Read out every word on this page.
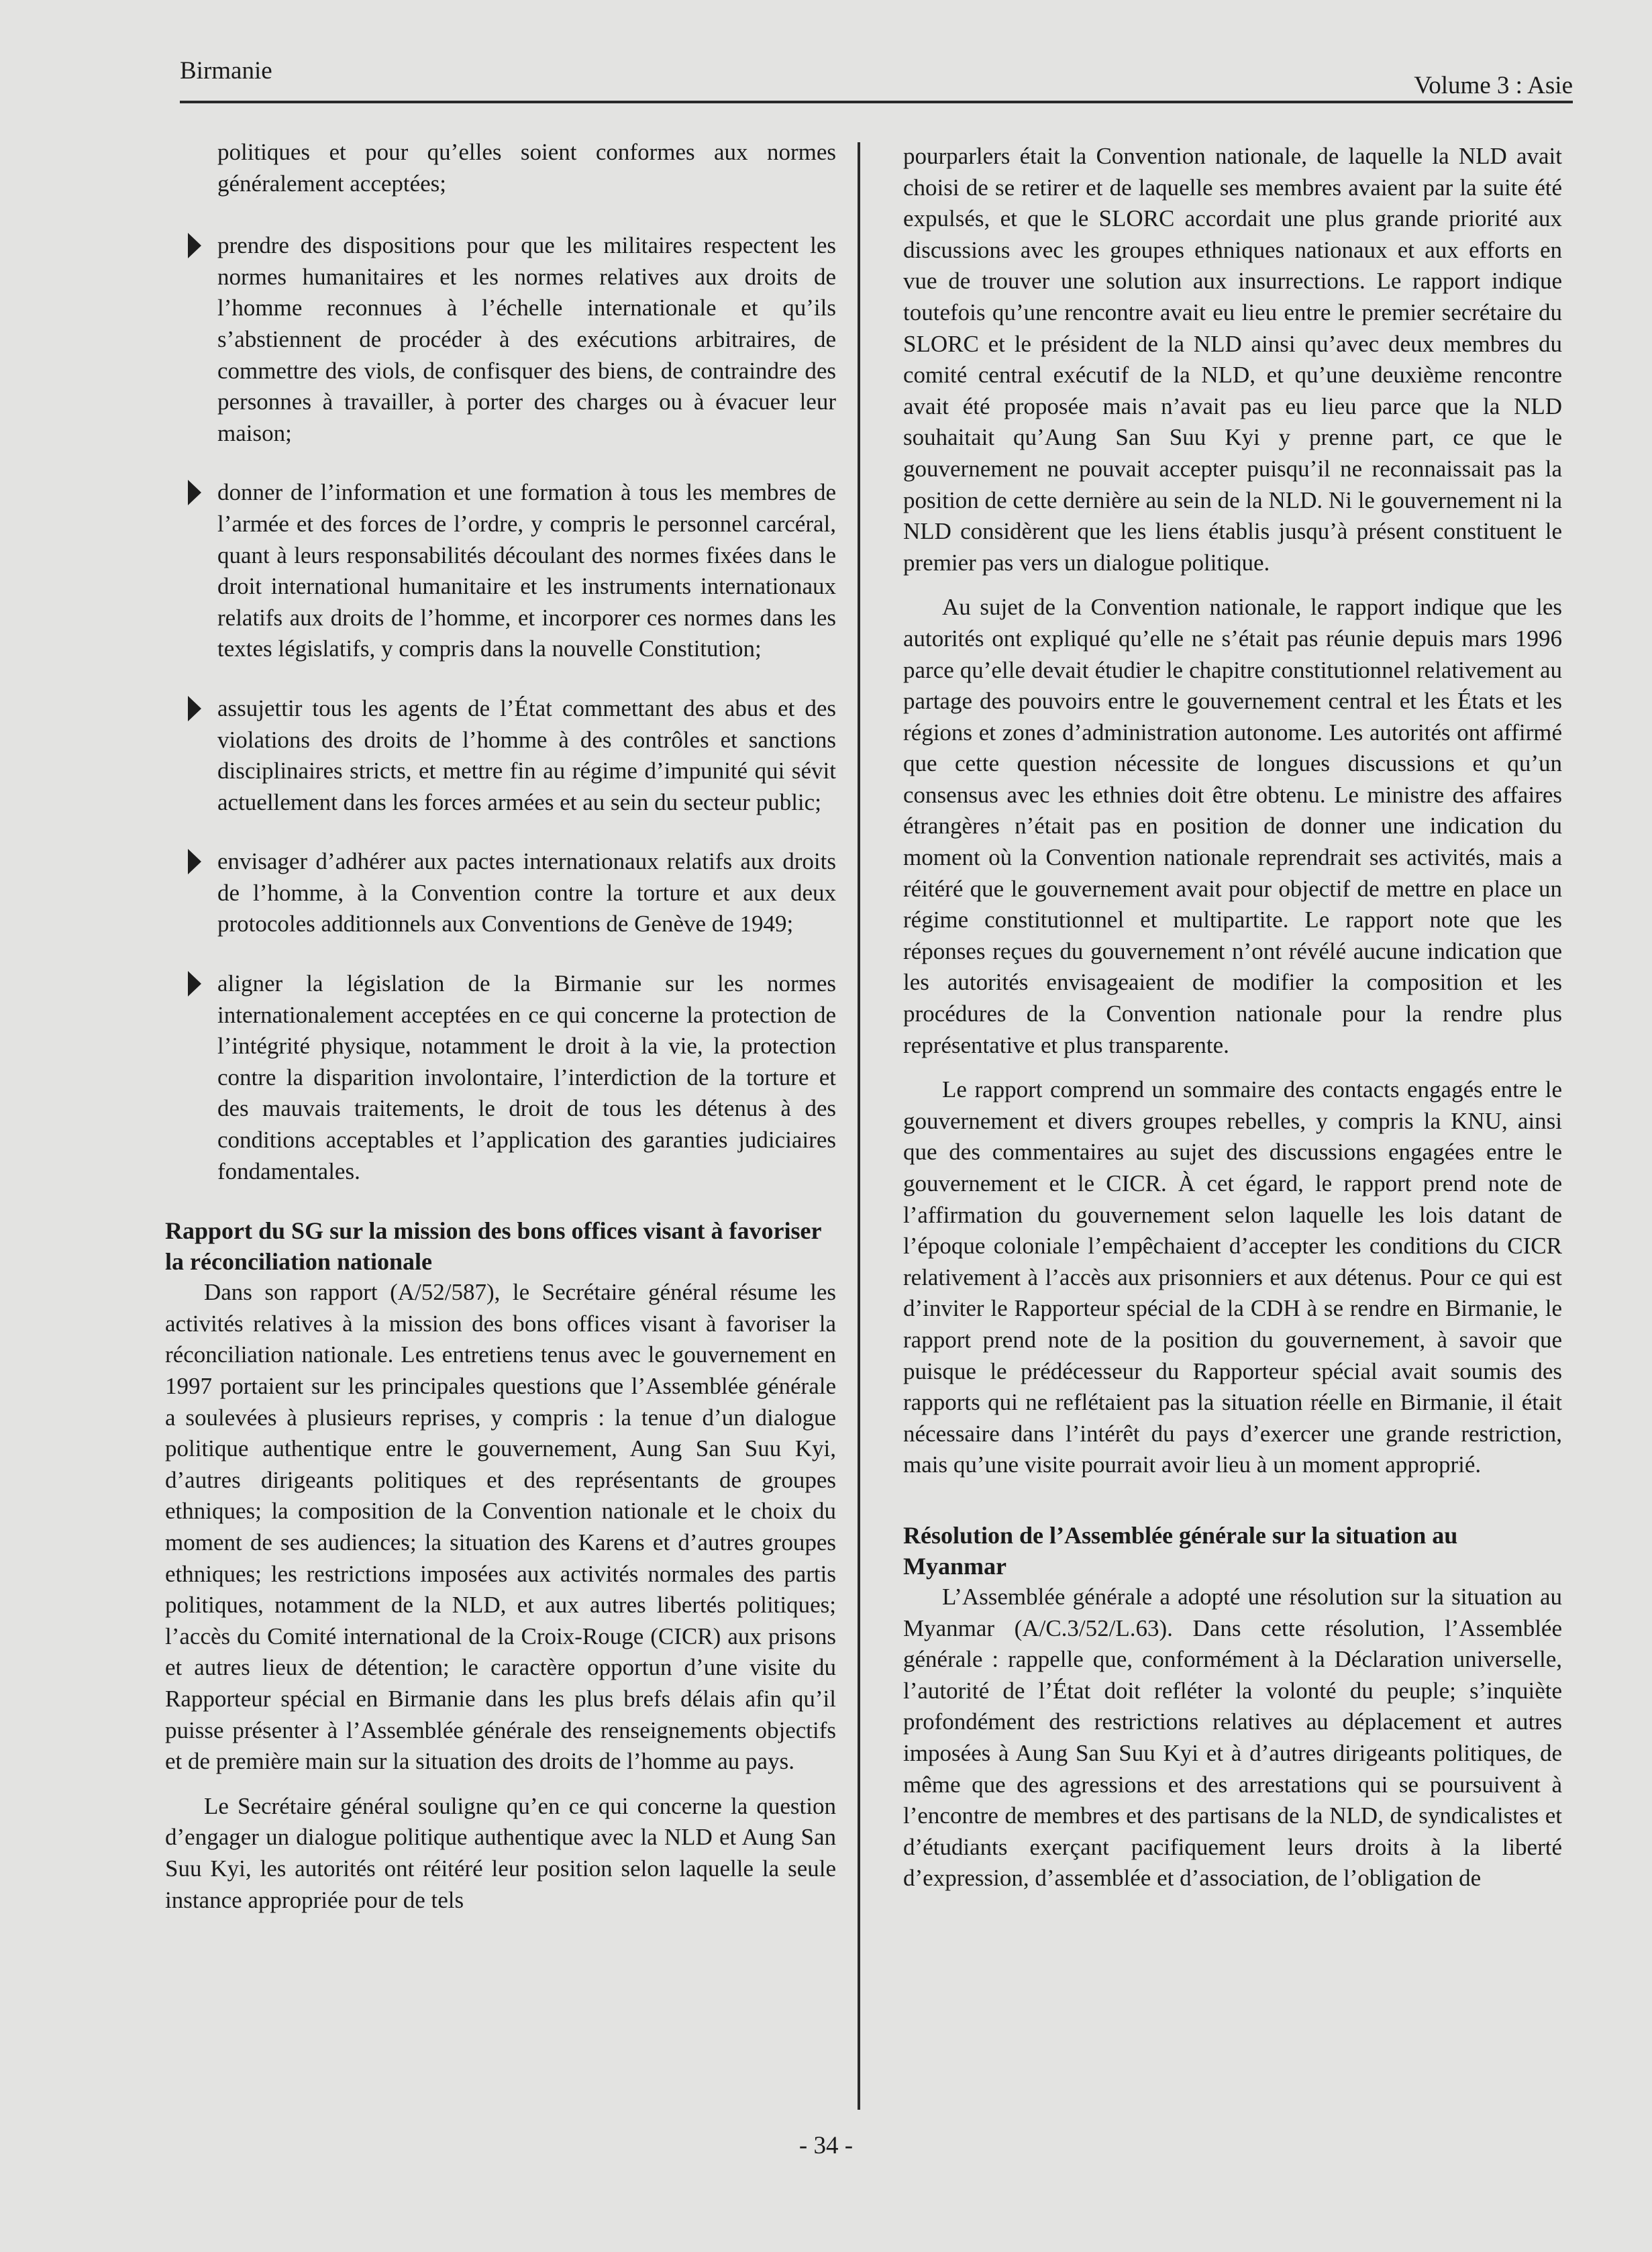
Birmanie
Volume 3 : Asie

politiques et pour qu’elles soient conformes aux normes généralement acceptées;

prendre des dispositions pour que les militaires respectent les normes humanitaires et les normes relatives aux droits de l’homme reconnues à l’échelle internationale et qu’ils s’abstiennent de procéder à des exécutions arbitraires, de commettre des viols, de confisquer des biens, de contraindre des personnes à travailler, à porter des charges ou à évacuer leur maison;
donner de l’information et une formation à tous les membres de l’armée et des forces de l’ordre, y compris le personnel carcéral, quant à leurs responsabilités découlant des normes fixées dans le droit international humanitaire et les instruments internationaux relatifs aux droits de l’homme, et incorporer ces normes dans les textes législatifs, y compris dans la nouvelle Constitution;
assujettir tous les agents de l’État commettant des abus et des violations des droits de l’homme à des contrôles et sanctions disciplinaires stricts, et mettre fin au régime d’impunité qui sévit actuellement dans les forces armées et au sein du secteur public;
envisager d’adhérer aux pactes internationaux relatifs aux droits de l’homme, à la Convention contre la torture et aux deux protocoles additionnels aux Conventions de Genève de 1949;
aligner la législation de la Birmanie sur les normes internationalement acceptées en ce qui concerne la protection de l’intégrité physique, notamment le droit à la vie, la protection contre la disparition involontaire, l’interdiction de la torture et des mauvais traitements, le droit de tous les détenus à des conditions acceptables et l’application des garanties judiciaires fondamentales.
Rapport du SG sur la mission des bons offices visant à favoriser la réconciliation nationale

Dans son rapport (A/52/587), le Secrétaire général résume les activités relatives à la mission des bons offices visant à favoriser la réconciliation nationale. Les entretiens tenus avec le gouvernement en 1997 portaient sur les principales questions que l’Assemblée générale a soulevées à plusieurs reprises, y compris : la tenue d’un dialogue politique authentique entre le gouvernement, Aung San Suu Kyi, d’autres dirigeants politiques et des représentants de groupes ethniques; la composition de la Convention nationale et le choix du moment de ses audiences; la situation des Karens et d’autres groupes ethniques; les restrictions imposées aux activités normales des partis politiques, notamment de la NLD, et aux autres libertés politiques; l’accès du Comité international de la Croix-Rouge (CICR) aux prisons et autres lieux de détention; le caractère opportun d’une visite du Rapporteur spécial en Birmanie dans les plus brefs délais afin qu’il puisse présenter à l’Assemblée générale des renseignements objectifs et de première main sur la situation des droits de l’homme au pays.

Le Secrétaire général souligne qu’en ce qui concerne la question d’engager un dialogue politique authentique avec la NLD et Aung San Suu Kyi, les autorités ont réitéré leur position selon laquelle la seule instance appropriée pour de tels

pourparlers était la Convention nationale, de laquelle la NLD avait choisi de se retirer et de laquelle ses membres avaient par la suite été expulsés, et que le SLORC accordait une plus grande priorité aux discussions avec les groupes ethniques nationaux et aux efforts en vue de trouver une solution aux insurrections. Le rapport indique toutefois qu’une rencontre avait eu lieu entre le premier secrétaire du SLORC et le président de la NLD ainsi qu’avec deux membres du comité central exécutif de la NLD, et qu’une deuxième rencontre avait été proposée mais n’avait pas eu lieu parce que la NLD souhaitait qu’Aung San Suu Kyi y prenne part, ce que le gouvernement ne pouvait accepter puisqu’il ne reconnaissait pas la position de cette dernière au sein de la NLD. Ni le gouvernement ni la NLD considèrent que les liens établis jusqu’à présent constituent le premier pas vers un dialogue politique.

Au sujet de la Convention nationale, le rapport indique que les autorités ont expliqué qu’elle ne s’était pas réunie depuis mars 1996 parce qu’elle devait étudier le chapitre constitutionnel relativement au partage des pouvoirs entre le gouvernement central et les États et les régions et zones d’administration autonome. Les autorités ont affirmé que cette question nécessite de longues discussions et qu’un consensus avec les ethnies doit être obtenu. Le ministre des affaires étrangères n’était pas en position de donner une indication du moment où la Convention nationale reprendrait ses activités, mais a réitéré que le gouvernement avait pour objectif de mettre en place un régime constitutionnel et multipartite. Le rapport note que les réponses reçues du gouvernement n’ont révélé aucune indication que les autorités envisageaient de modifier la composition et les procédures de la Convention nationale pour la rendre plus représentative et plus transparente.

Le rapport comprend un sommaire des contacts engagés entre le gouvernement et divers groupes rebelles, y compris la KNU, ainsi que des commentaires au sujet des discussions engagées entre le gouvernement et le CICR. À cet égard, le rapport prend note de l’affirmation du gouvernement selon laquelle les lois datant de l’époque coloniale l’empêchaient d’accepter les conditions du CICR relativement à l’accès aux prisonniers et aux détenus. Pour ce qui est d’inviter le Rapporteur spécial de la CDH à se rendre en Birmanie, le rapport prend note de la position du gouvernement, à savoir que puisque le prédécesseur du Rapporteur spécial avait soumis des rapports qui ne reflétaient pas la situation réelle en Birmanie, il était nécessaire dans l’intérêt du pays d’exercer une grande restriction, mais qu’une visite pourrait avoir lieu à un moment approprié.

Résolution de l’Assemblée générale sur la situation au Myanmar

L’Assemblée générale a adopté une résolution sur la situation au Myanmar (A/C.3/52/L.63). Dans cette résolution, l’Assemblée générale : rappelle que, conformément à la Déclaration universelle, l’autorité de l’État doit refléter la volonté du peuple; s’inquiète profondément des restrictions relatives au déplacement et autres imposées à Aung San Suu Kyi et à d’autres dirigeants politiques, de même que des agressions et des arrestations qui se poursuivent à l’encontre de membres et des partisans de la NLD, de syndicalistes et d’étudiants exerçant pacifiquement leurs droits à la liberté d’expression, d’assemblée et d’association, de l’obligation de

- 34 -
